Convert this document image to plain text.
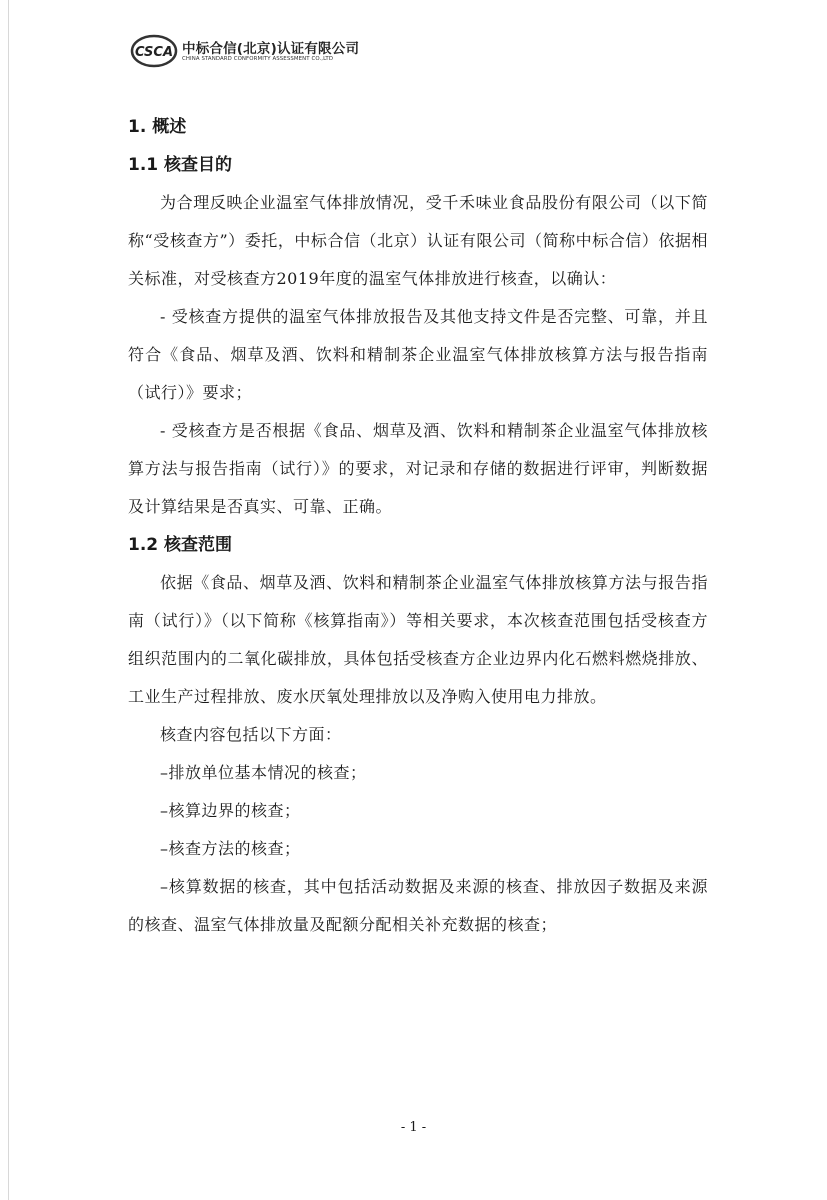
CSCA 中标合信(北京)认证有限公司
CHINA STANDARD CONFORMITY ASSESSMENT CO.,LTD
1. 概述
1.1 核查目的

为合理反映企业温室气体排放情况，受千禾味业食品股份有限公司（以下简称“受核查方”）委托，中标合信（北京）认证有限公司（简称中标合信）依据相关标准，对受核查方2019年度的温室气体排放进行核查，以确认：

- 受核查方提供的温室气体排放报告及其他支持文件是否完整、可靠，并且符合《食品、烟草及酒、饮料和精制茶企业温室气体排放核算方法与报告指南（试行）》要求；

- 受核查方是否根据《食品、烟草及酒、饮料和精制茶企业温室气体排放核算方法与报告指南（试行）》的要求，对记录和存储的数据进行评审，判断数据及计算结果是否真实、可靠、正确。

1.2 核查范围

依据《食品、烟草及酒、饮料和精制茶企业温室气体排放核算方法与报告指南（试行）》（以下简称《核算指南》）等相关要求，本次核查范围包括受核查方组织范围内的二氧化碳排放，具体包括受核查方企业边界内化石燃料燃烧排放、工业生产过程排放、废水厌氧处理排放以及净购入使用电力排放。

核查内容包括以下方面：

–排放单位基本情况的核查；

–核算边界的核查；

–核查方法的核查；

–核算数据的核查，其中包括活动数据及来源的核查、排放因子数据及来源的核查、温室气体排放量及配额分配相关补充数据的核查；

- 1 -
